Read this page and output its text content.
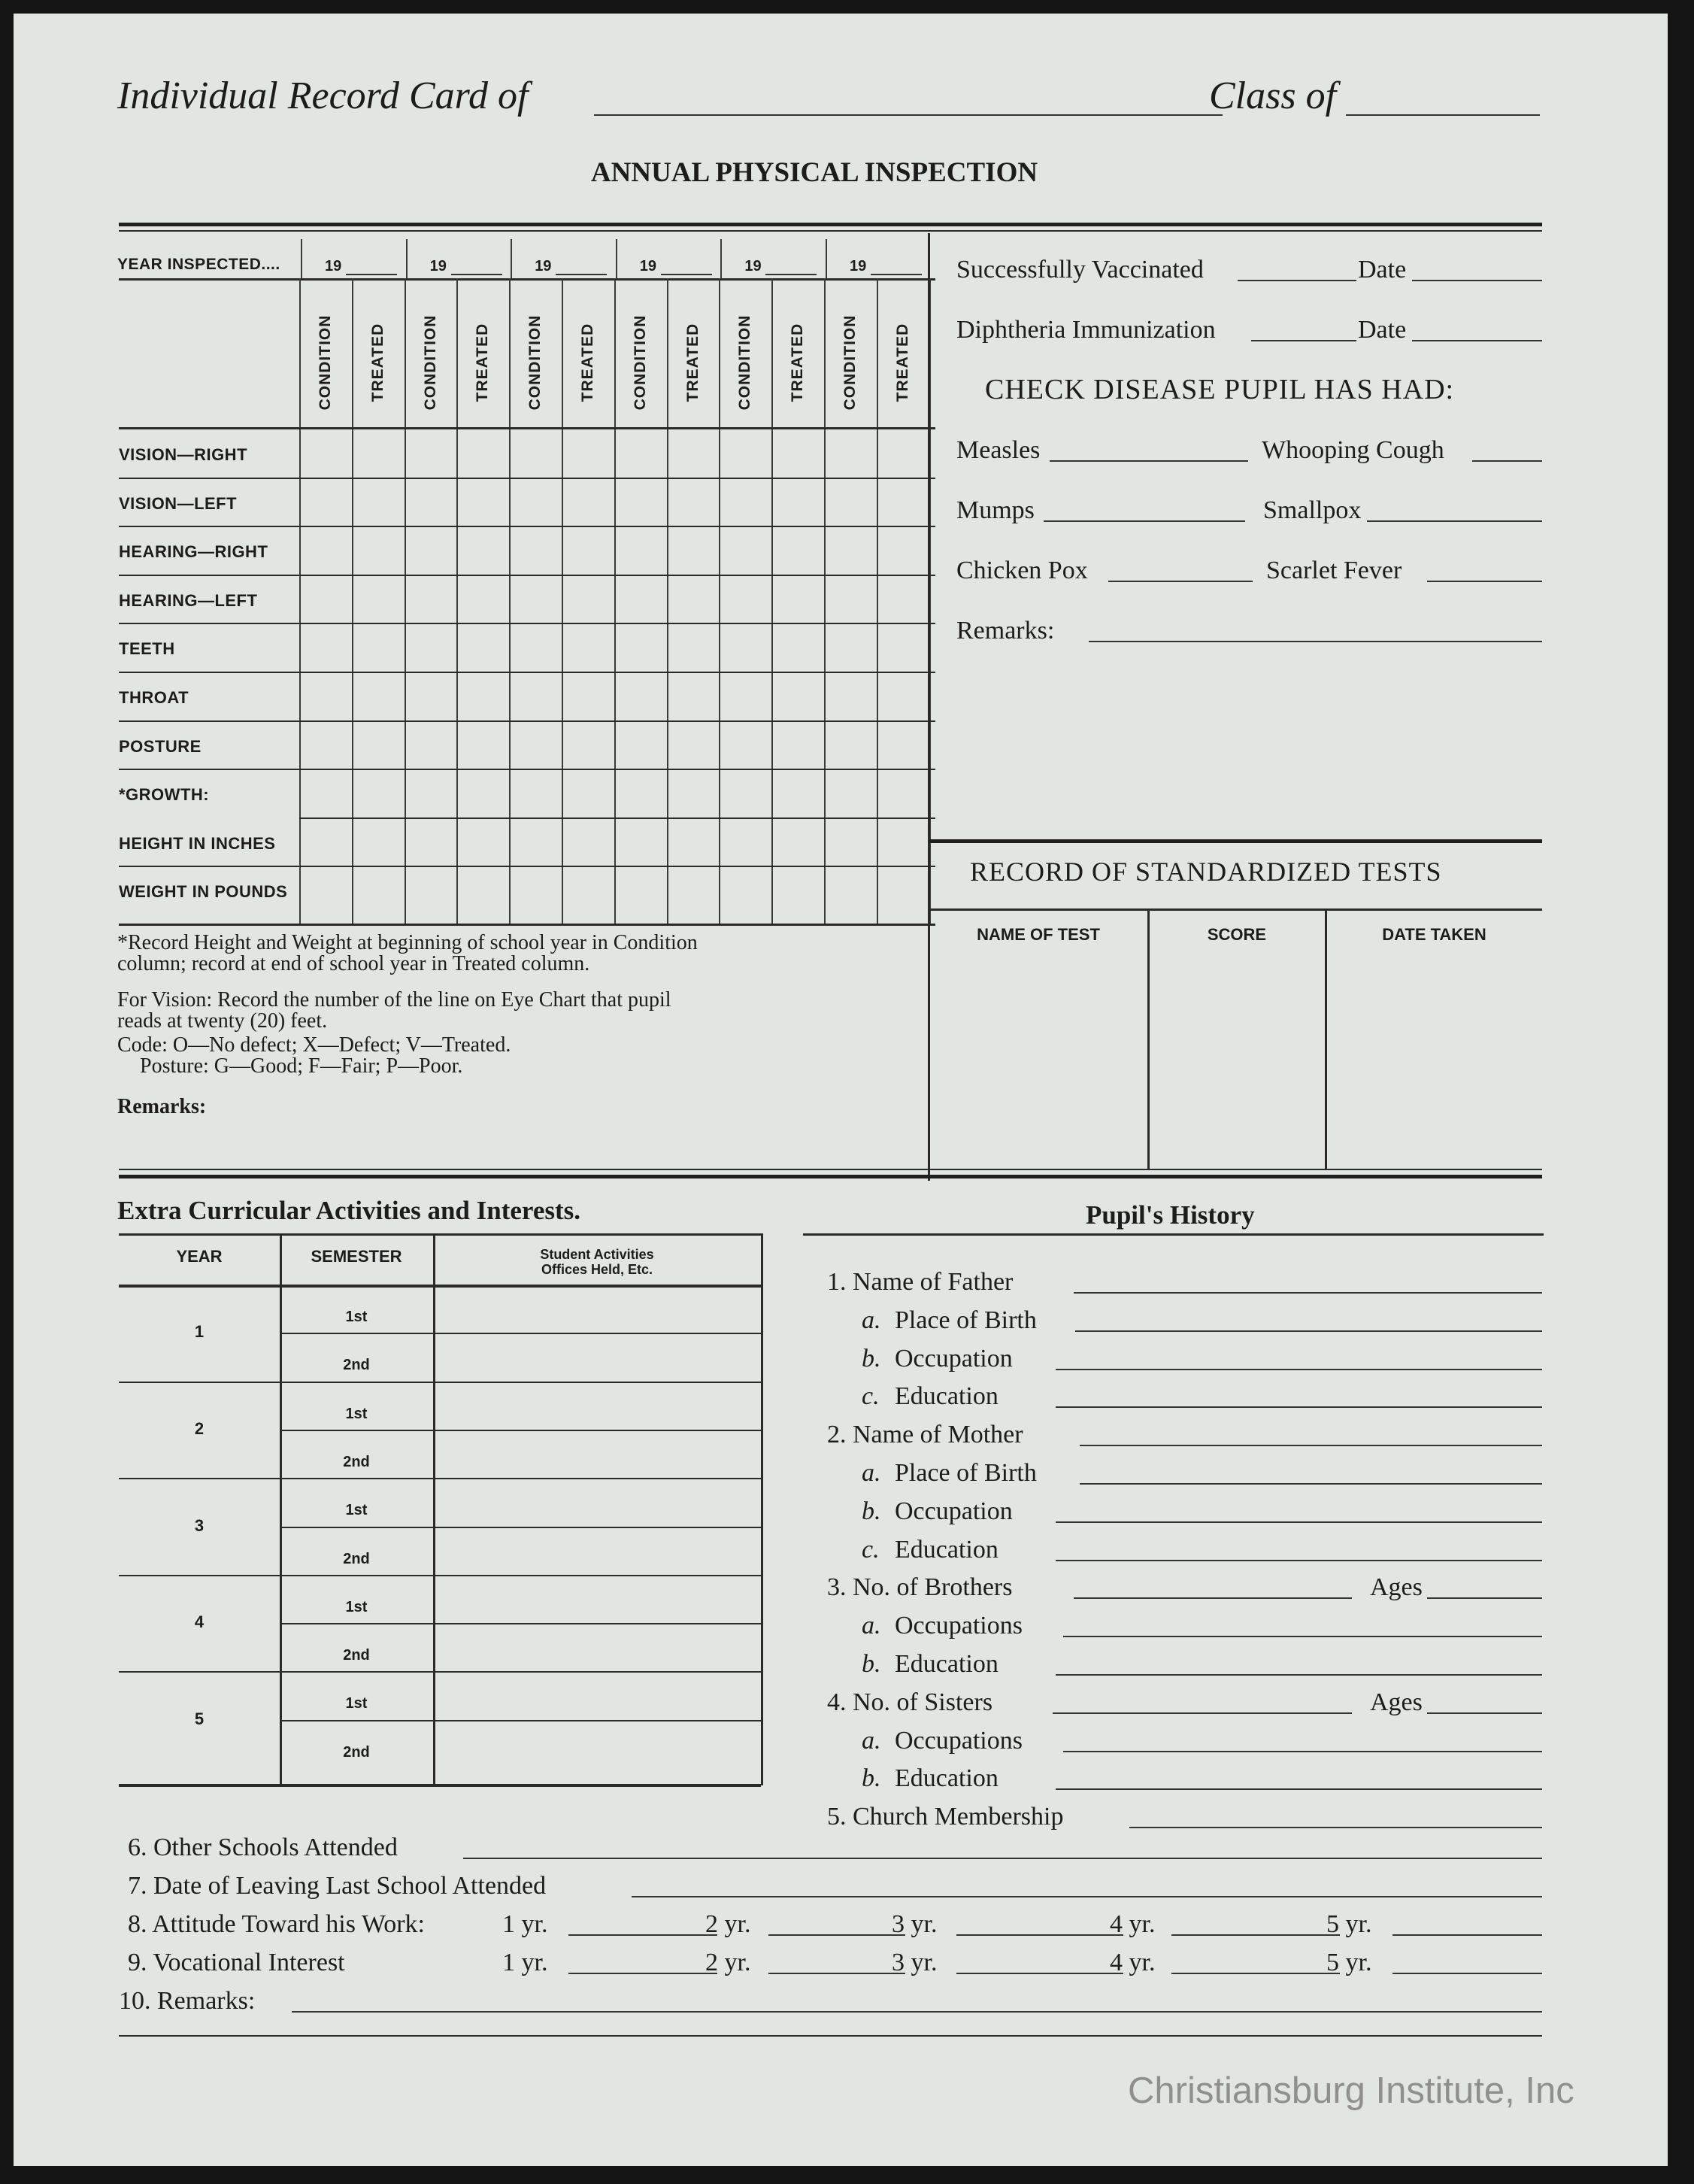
Individual Record Card of	Class of
ANNUAL PHYSICAL INSPECTION
YEAR INSPECTED....	19	19	19	19	19	19
CONDITION TREATED CONDITION TREATED CONDITION TREATED CONDITION TREATED CONDITION TREATED CONDITION TREATED
VISION—RIGHT
VISION—LEFT
HEARING—RIGHT
HEARING—LEFT
TEETH
THROAT
POSTURE
*GROWTH:
HEIGHT IN INCHES
WEIGHT IN POUNDS
*Record Height and Weight at beginning of school year in Condition
column; record at end of school year in Treated column.
For Vision: Record the number of the line on Eye Chart that pupil
reads at twenty (20) feet.
Code: O—No defect; X—Defect; V—Treated.
Posture: G—Good; F—Fair; P—Poor.
Remarks:
Successfully Vaccinated	Date
Diphtheria Immunization	Date
CHECK DISEASE PUPIL HAS HAD:
Measles	Whooping Cough
Mumps	Smallpox
Chicken Pox	Scarlet Fever
Remarks:
RECORD OF STANDARDIZED TESTS
NAME OF TEST	SCORE	DATE TAKEN
Extra Curricular Activities and Interests.
YEAR	SEMESTER	Student Activities
Offices Held, Etc.
1
1st
2nd
2
1st
2nd
3
1st
2nd
4
1st
2nd
5
1st
2nd
Pupil's History
1. Name of Father
a. Place of Birth
b. Occupation
c. Education
2. Name of Mother
a. Place of Birth
b. Occupation
c. Education
3. No. of Brothers	Ages
a. Occupations
b. Education
4. No. of Sisters	Ages
a. Occupations
b. Education
5. Church Membership
6. Other Schools Attended
7. Date of Leaving Last School Attended
8. Attitude Toward his Work:	1 yr.	2 yr.	3 yr.	4 yr.	5 yr.
9. Vocational Interest	1 yr.	2 yr.	3 yr.	4 yr.	5 yr.
10. Remarks:
Christiansburg Institute, Inc
